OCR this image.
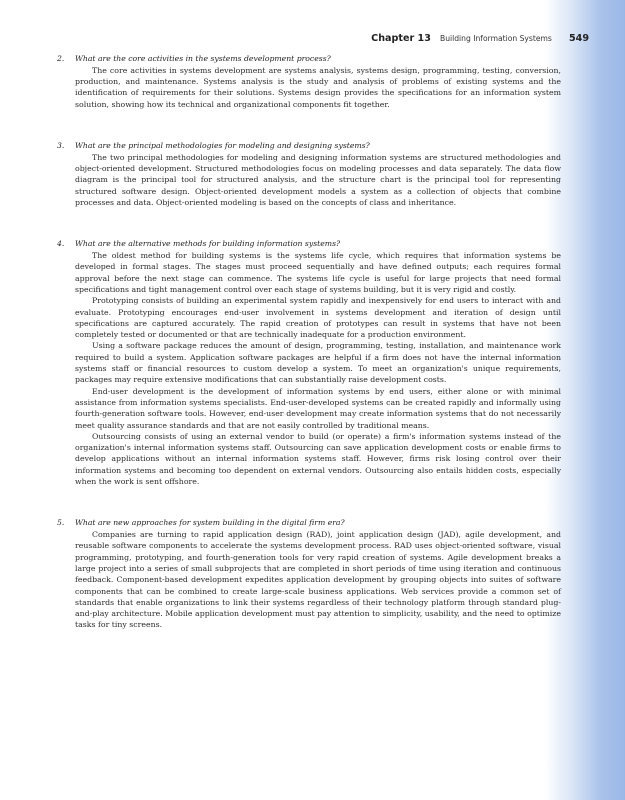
Chapter 13 Building Information Systems 549
2. What are the core activities in the systems development process?

The core activities in systems development are systems analysis, systems design, programming, testing, conversion, production, and maintenance. Systems analysis is the study and analysis of problems of existing systems and the identification of requirements for their solutions. Systems design provides the specifications for an information system solution, showing how its technical and organizational components fit together.

3. What are the principal methodologies for modeling and designing systems?

The two principal methodologies for modeling and designing information systems are structured methodologies and object-oriented development. Structured methodologies focus on modeling processes and data separately. The data flow diagram is the principal tool for structured analysis, and the structure chart is the principal tool for representing structured software design. Object-oriented development models a system as a collection of objects that combine processes and data. Object-oriented modeling is based on the concepts of class and inheritance.

4. What are the alternative methods for building information systems?

The oldest method for building systems is the systems life cycle, which requires that information systems be developed in formal stages. The stages must proceed sequentially and have defined outputs; each requires formal approval before the next stage can commence. The systems life cycle is useful for large projects that need formal specifications and tight management control over each stage of systems building, but it is very rigid and costly.

Prototyping consists of building an experimental system rapidly and inexpensively for end users to interact with and evaluate. Prototyping encourages end-user involvement in systems development and iteration of design until specifications are captured accurately. The rapid creation of prototypes can result in systems that have not been completely tested or documented or that are technically inadequate for a production environment.

Using a software package reduces the amount of design, programming, testing, installation, and maintenance work required to build a system. Application software packages are helpful if a firm does not have the internal information systems staff or financial resources to custom develop a system. To meet an organization's unique requirements, packages may require extensive modifications that can substantially raise development costs.

End-user development is the development of information systems by end users, either alone or with minimal assistance from information systems specialists. End-user-developed systems can be created rapidly and informally using fourth-generation software tools. However, end-user development may create information systems that do not necessarily meet quality assurance standards and that are not easily controlled by traditional means.

Outsourcing consists of using an external vendor to build (or operate) a firm's information systems instead of the organization's internal information systems staff. Outsourcing can save application development costs or enable firms to develop applications without an internal information systems staff. However, firms risk losing control over their information systems and becoming too dependent on external vendors. Outsourcing also entails hidden costs, especially when the work is sent offshore.

5. What are new approaches for system building in the digital firm era?

Companies are turning to rapid application design (RAD), joint application design (JAD), agile development, and reusable software components to accelerate the systems development process. RAD uses object-oriented software, visual programming, prototyping, and fourth-generation tools for very rapid creation of systems. Agile development breaks a large project into a series of small subprojects that are completed in short periods of time using iteration and continuous feedback. Component-based development expedites application development by grouping objects into suites of software components that can be combined to create large-scale business applications. Web services provide a common set of standards that enable organizations to link their systems regardless of their technology platform through standard plug- and-play architecture. Mobile application development must pay attention to simplicity, usability, and the need to optimize tasks for tiny screens.
